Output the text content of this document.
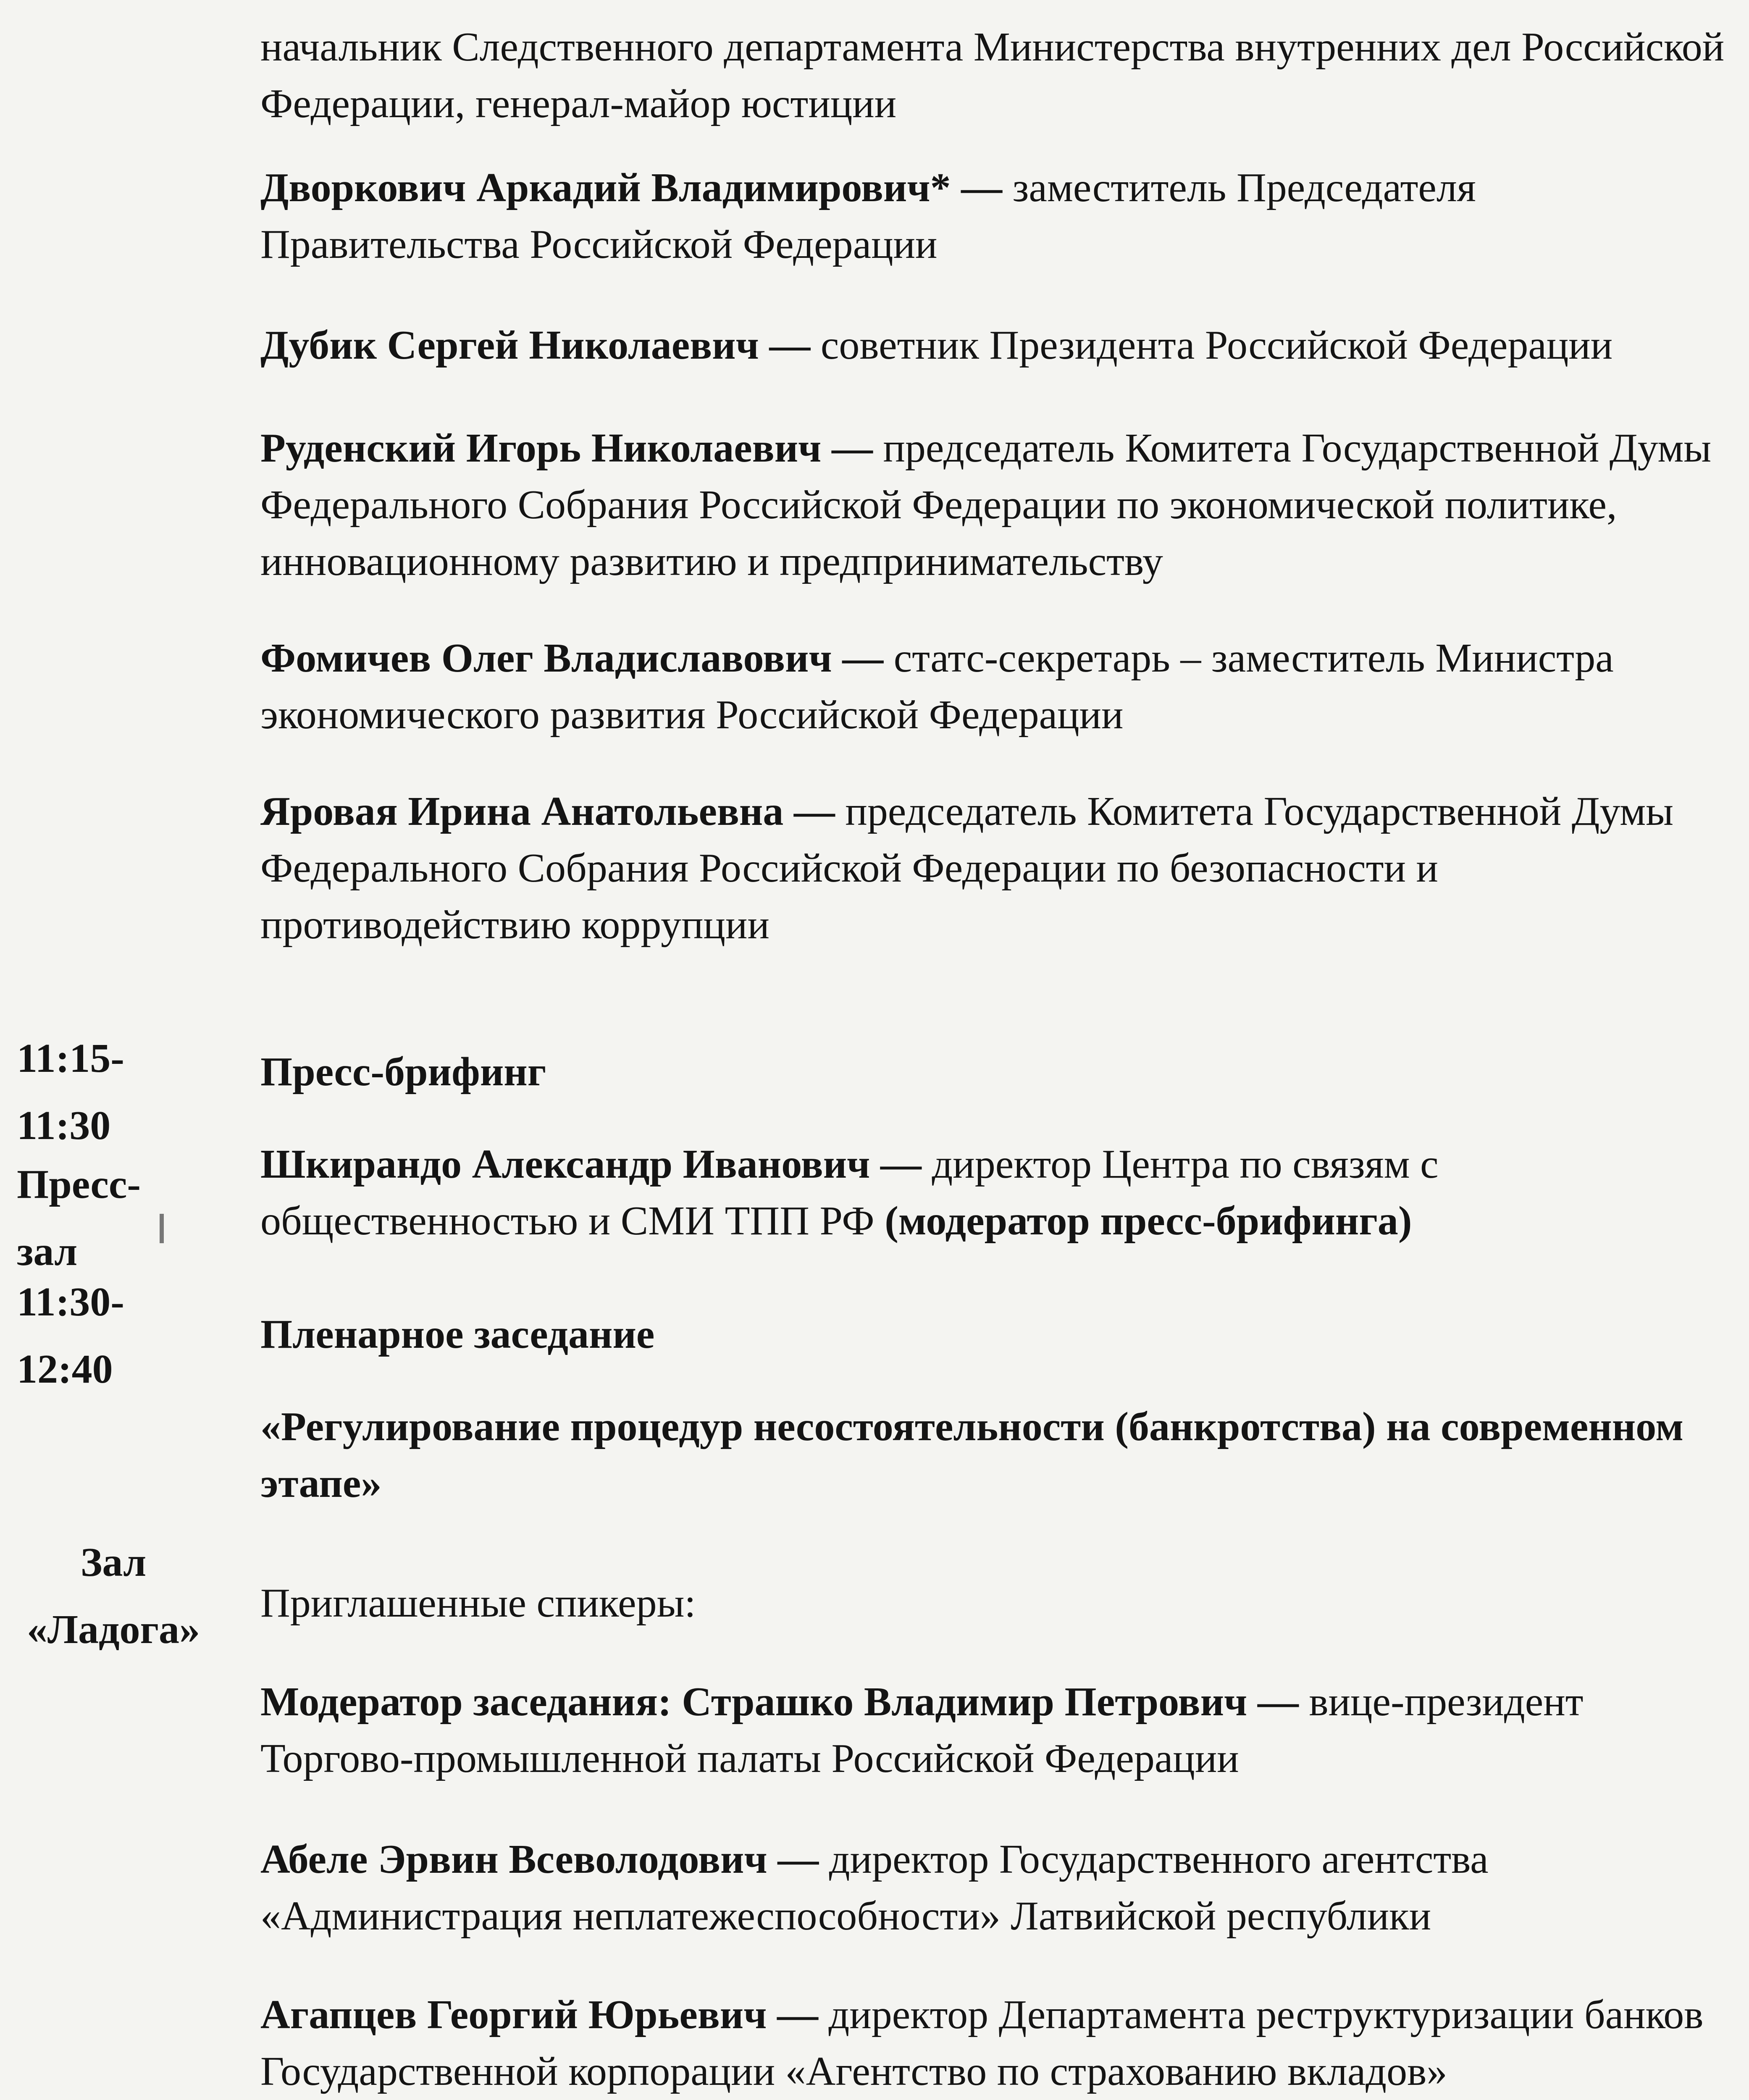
11:15-
11:30
Пресс-
зал
11:30-
12:40
Зал
«Ладога»
начальник Следственного департамента Министерства внутренних дел Российской Федерации, генерал-майор юстиции
Дворкович Аркадий Владимирович* — заместитель Председателя Правительства Российской Федерации
Дубик Сергей Николаевич — советник Президента Российской Федерации
Руденский Игорь Николаевич — председатель Комитета Государственной Думы Федерального Собрания Российской Федерации по экономической политике, инновационному развитию и предпринимательству
Фомичев Олег Владиславович — статс-секретарь – заместитель Министра экономического развития Российской Федерации
Яровая Ирина Анатольевна — председатель Комитета Государственной Думы Федерального Собрания Российской Федерации по безопасности и противодействию коррупции
Пресс-брифинг
Шкирандо Александр Иванович — директор Центра по связям с общественностью и СМИ ТПП РФ (модератор пресс-брифинга)
Пленарное заседание
«Регулирование процедур несостоятельности (банкротства) на современном этапе»
Приглашенные спикеры:
Модератор заседания: Страшко Владимир Петрович — вице-президент Торгово-промышленной палаты Российской Федерации
Абеле Эрвин Всеволодович — директор Государственного агентства «Администрация неплатежеспособности» Латвийской республики
Агапцев Георгий Юрьевич — директор Департамента реструктуризации банков Государственной корпорации «Агентство по страхованию вкладов»
